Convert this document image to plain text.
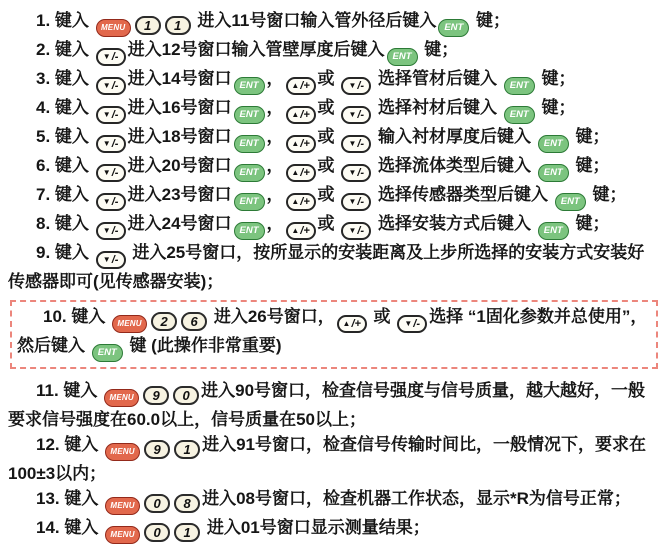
1. 键入 MENU 1 1 进入11号窗口输入管外径后键入 ENT 键；

2. 键入 ▼ /- 进入12号窗口输入管壁厚度后键入 ENT 键；

3. 键入 ▼ /- 进入14号窗口 ENT ， ▲ /+ 或 ▼ /- 选择管材后键入 ENT 键；

4. 键入 ▼ /- 进入16号窗口 ENT ， ▲ /+ 或 ▼ /- 选择衬材后键入 ENT 键；

5. 键入 ▼ /- 进入18号窗口 ENT ， ▲ /+ 或 ▼ /- 输入衬材厚度后键入 ENT 键；

6. 键入 ▼ /- 进入20号窗口 ENT ， ▲ /+ 或 ▼ /- 选择流体类型后键入 ENT 键；

7. 键入 ▼ /- 进入23号窗口 ENT ， ▲ /+ 或 ▼ /- 选择传感器类型后键入 ENT 键；

8. 键入 ▼ /- 进入24号窗口 ENT ， ▲ /+ 或 ▼ /- 选择安装方式后键入 ENT 键；

9. 键入 ▼ /- 进入25号窗口，按所显示的安装距离及上步所选择的安装方式安装好传感器即可(见传感器安装)；

10. 键入 MENU 2 6 进入26号窗口， ▲ /+ 或 ▼ /- 选择 “1固化参数并总使用”，然后键入 ENT 键 (此操作非常重要)

11. 键入 MENU 9 0 进入90号窗口，检查信号强度与信号质量，越大越好，一般要求信号强度在60.0以上，信号质量在50以上；

12. 键入 MENU 9 1 进入91号窗口，检查信号传输时间比，一般情况下，要求在100±3以内；

13. 键入 MENU 0 8 进入08号窗口，检查机器工作状态，显示*R为信号正常；

14. 键入 MENU 0 1 进入01号窗口显示测量结果；
